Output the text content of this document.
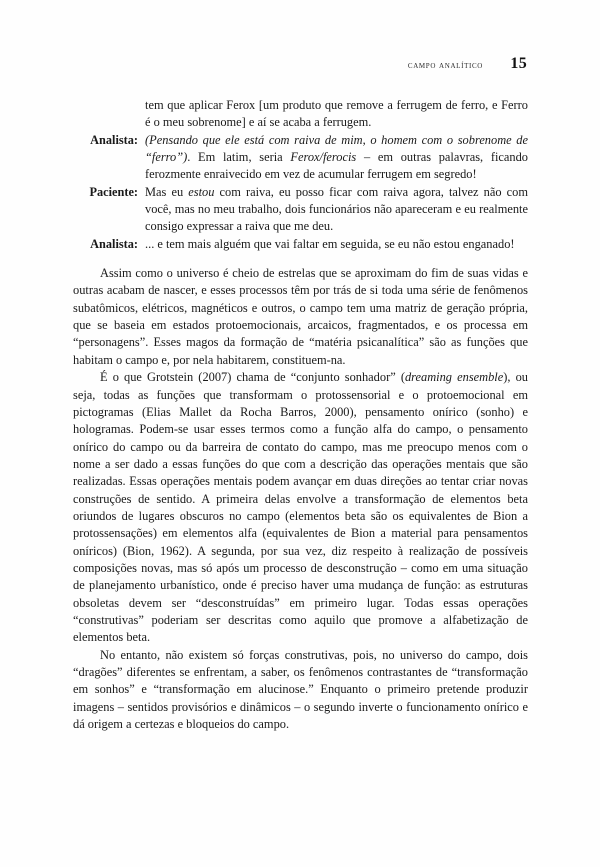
campo analítico	15
tem que aplicar Ferox [um produto que remove a ferrugem de ferro, e Ferro é o meu sobrenome] e aí se acaba a ferrugem.
Analista: (Pensando que ele está com raiva de mim, o homem com o sobrenome de “ferro”). Em latim, seria Ferox/ferocis – em outras palavras, ficando ferozmente enraivecido em vez de acumular ferrugem em segredo!
Paciente: Mas eu estou com raiva, eu posso ficar com raiva agora, talvez não com você, mas no meu trabalho, dois funcionários não apareceram e eu realmente consigo expressar a raiva que me deu.
Analista: ... e tem mais alguém que vai faltar em seguida, se eu não estou enganado!

Assim como o universo é cheio de estrelas que se aproximam do fim de suas vidas e outras acabam de nascer, e esses processos têm por trás de si toda uma série de fenômenos subatômicos, elétricos, magnéticos e outros, o campo tem uma matriz de geração própria, que se baseia em estados protoemocionais, arcaicos, fragmentados, e os processa em “personagens”. Esses magos da formação de “matéria psicanalítica” são as funções que habitam o campo e, por nela habitarem, constituem-na.

É o que Grotstein (2007) chama de “conjunto sonhador” (dreaming ensemble), ou seja, todas as funções que transformam o protossensorial e o protoemocional em pictogramas (Elias Mallet da Rocha Barros, 2000), pensamento onírico (sonho) e hologramas. Podem-se usar esses termos como a função alfa do campo, o pensamento onírico do campo ou da barreira de contato do campo, mas me preocupo menos com o nome a ser dado a essas funções do que com a descrição das operações mentais que são realizadas. Essas operações mentais podem avançar em duas direções ao tentar criar novas construções de sentido. A primeira delas envolve a transformação de elementos beta oriundos de lugares obscuros no campo (elementos beta são os equivalentes de Bion a protossensações) em elementos alfa (equivalentes de Bion a material para pensamentos oníricos) (Bion, 1962). A segunda, por sua vez, diz respeito à realização de possíveis composições novas, mas só após um processo de desconstrução – como em uma situação de planejamento urbanístico, onde é preciso haver uma mudança de função: as estruturas obsoletas devem ser “desconstruídas” em primeiro lugar. Todas essas operações “construtivas” poderiam ser descritas como aquilo que promove a alfabetização de elementos beta.

No entanto, não existem só forças construtivas, pois, no universo do campo, dois “dragões” diferentes se enfrentam, a saber, os fenômenos contrastantes de “transformação em sonhos” e “transformação em alucinose.” Enquanto o primeiro pretende produzir imagens – sentidos provisórios e dinâmicos – o segundo inverte o funcionamento onírico e dá origem a certezas e bloqueios do campo.
